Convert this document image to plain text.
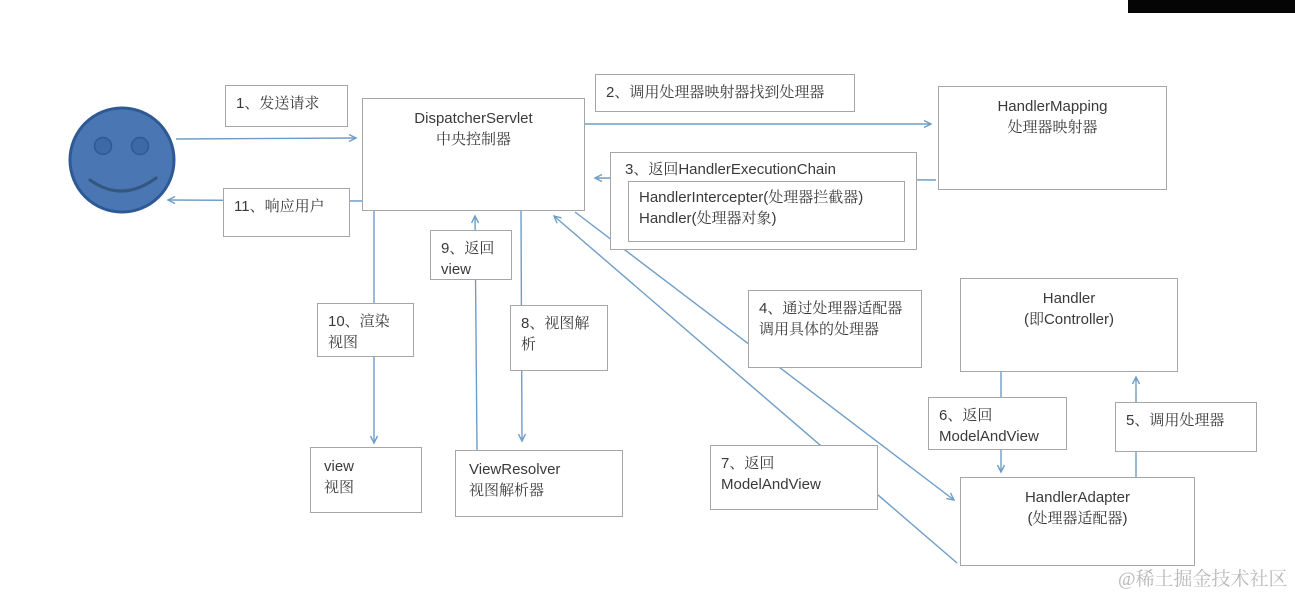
DispatcherServlet
中央控制器
HandlerMapping
处理器映射器
Handler
(即Controller)
HandlerAdapter
(处理器适配器)
view
视图
ViewResolver
视图解析器
1、发送请求
2、调用处理器映射器找到处理器
3、返回HandlerExecutionChain
HandlerIntercepter(处理器拦截器)
Handler(处理器对象)
4、通过处理器适配器
调用具体的处理器
5、调用处理器
6、返回
ModelAndView
7、返回
ModelAndView
8、视图解
析
9、返回
view
10、渲染
视图
11、响应用户
@稀土掘金技术社区
